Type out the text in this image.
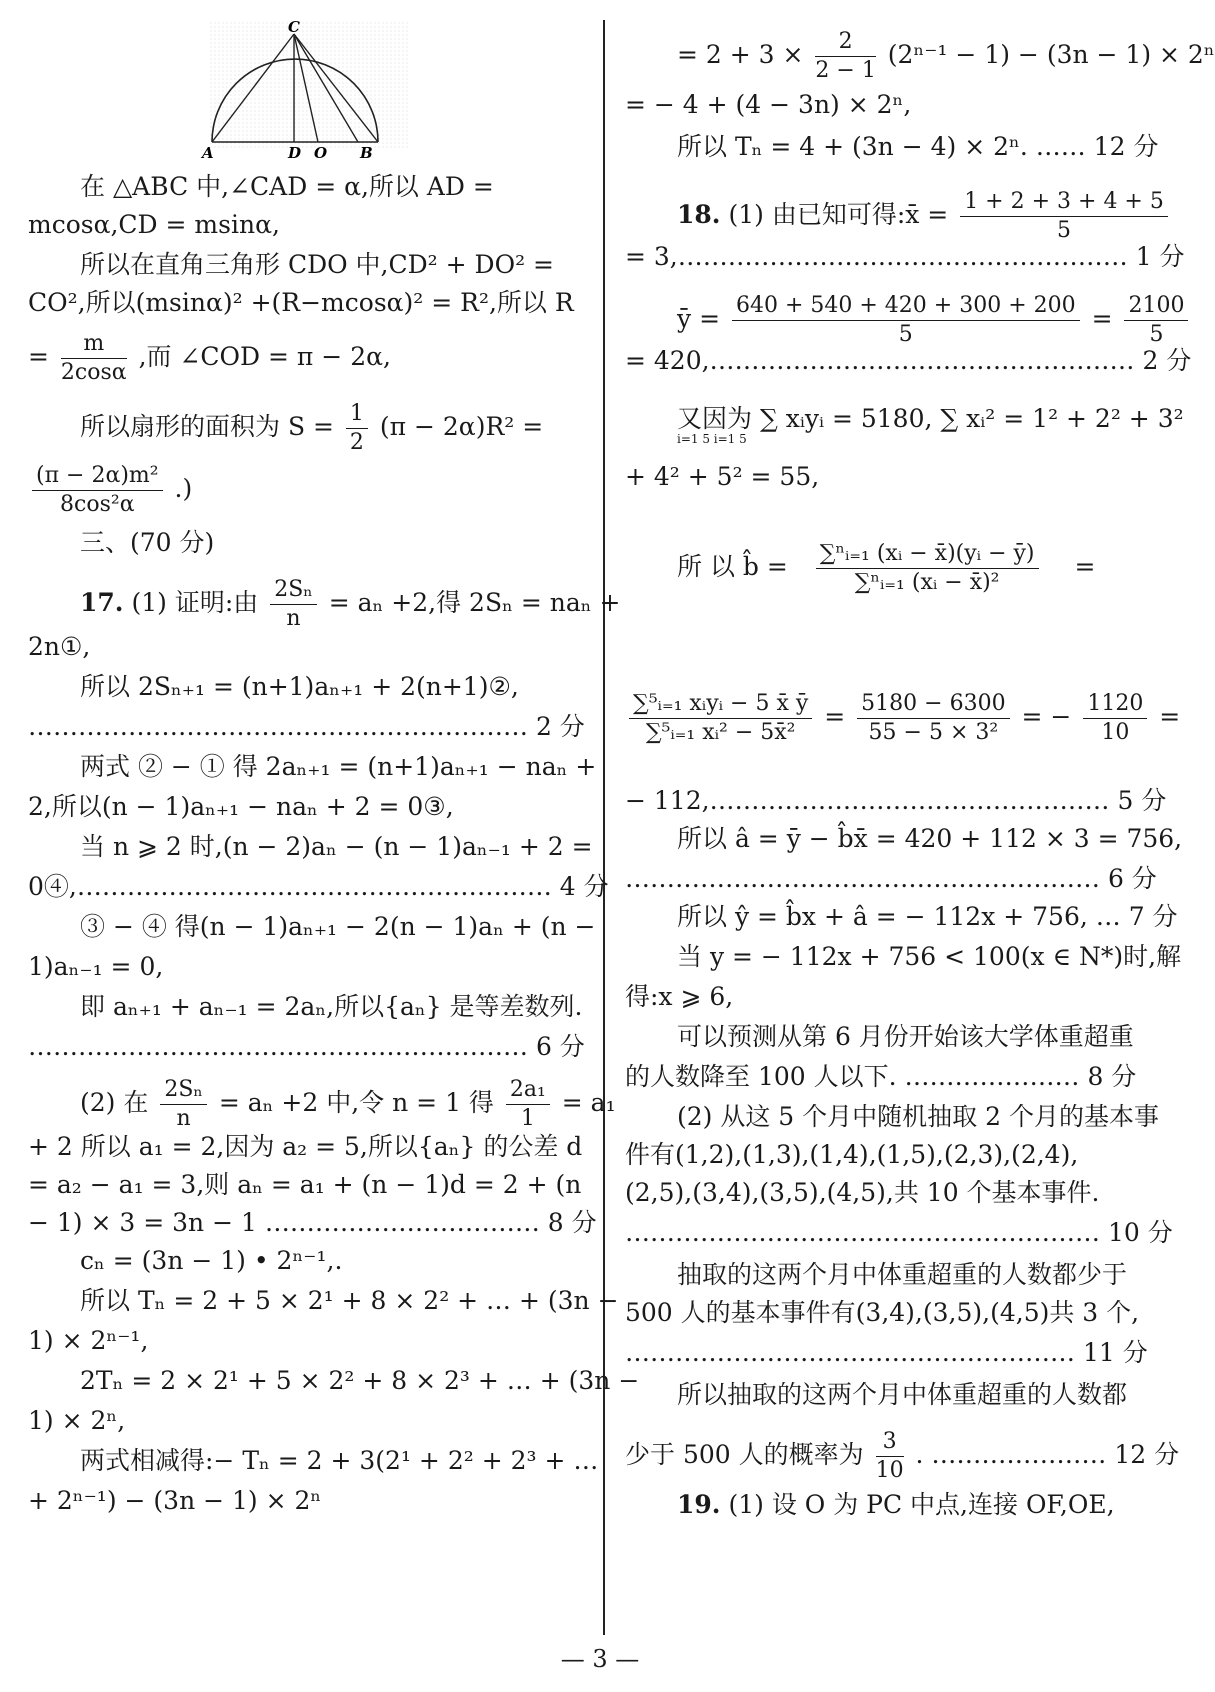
C
A	D O B
在 △ABC 中,∠CAD = α,所以 AD =
mcosα,CD = msinα,
所以在直角三角形 CDO 中,CD² + DO² =
CO²,所以(msinα)² +(R−mcosα)² = R²,所以 R
= $\frac{m}{2\cos\alpha}$ ,而 ∠COD = π − 2α,
所以扇形的面积为 $S = \frac{1}{2} (\pi - 2\alpha)R^2$ =
$\frac{\text{(π − 2α)m²}}{\text{8cos²α}}$ .)
三、(70 分)
17. (1) 证明:由 $\frac{\text{2Sₙ}}{n} = a_n +2$,得 2Sₙ = naₙ +
2n①,
所以 2Sₙ₊₁ = (n+1)aₙ₊₁ + 2(n+1)②,
…………………………………………………… 2 分
两式 ② − ① 得 2aₙ₊₁ = (n+1)aₙ₊₁ − naₙ +
2,所以(n − 1)aₙ₊₁ − naₙ + 2 = 0③,
当 n ⩾ 2 时,(n − 2)aₙ − (n − 1)aₙ₋₁ + 2 =
0④,………………………………………………… 4 分
③ − ④ 得(n − 1)aₙ₊₁ − 2(n − 1)aₙ + (n −
1)aₙ₋₁ = 0,
即 aₙ₊₁ + aₙ₋₁ = 2aₙ,所以{aₙ} 是等差数列.
…………………………………………………… 6 分
(2) 在 $\frac{\text{2Sₙ}}{n} = a_n +2$ 中,令 n = 1 得 $\frac{\text{2a₁}}{1} = a_1$
+ 2 所以 a₁ = 2,因为 a₂ = 5,所以{aₙ} 的公差 d
= a₂ − a₁ = 3,则 aₙ = a₁ + (n − 1)d = 2 + (n
− 1) × 3 = 3n − 1 …………………………… 8 分
cₙ = (3n − 1) • 2ⁿ⁻¹,.
所以 Tₙ = 2 + 5 × 2¹ + 8 × 2² + … + (3n −
1) × 2ⁿ⁻¹,
2Tₙ = 2 × 2¹ + 5 × 2² + 8 × 2³ + … + (3n −
1) × 2ⁿ,
两式相减得:− Tₙ = 2 + 3(2¹ + 2² + 2³ + …
+ 2ⁿ⁻¹) − (3n − 1) × 2ⁿ
= $2 + 3 \times \frac{2}{2 - 1} (2^{n-1} - 1) - (3n - 1) \times 2^n$
= − 4 + (4 − 3n) × 2ⁿ,
所以 Tₙ = 4 + (3n − 4) × 2ⁿ. …… 12 分
18. (1) 由已知可得:x̄ = $\frac{1 + 2 + 3 + 4 + 5}{5}$
= 3,……………………………………………… 1 分
ȳ = $\frac{640 + 540 + 420 + 300 + 200}{5} = \frac{2100}{5}$
= 420,…………………………………………… 2 分
又因为 ∑ xᵢyᵢ = 5180, ∑ xᵢ² = 1² + 2² + 3²
i=1 5 i=1 5
+ 4² + 5² = 55,
所 以 b̂ = $\frac{\text{∑ⁿᵢ₌₁ (xᵢ − x̄)(yᵢ − ȳ)}}{\text{∑ⁿᵢ₌₁ (xᵢ − x̄)²}}$ =
$\frac{\text{∑⁵ᵢ₌₁ xᵢyᵢ − 5 x̄ ȳ}}{\text{∑⁵ᵢ₌₁ xᵢ² − 5x̄²}} = \frac{5180 - 6300}{\text{55 − 5 × 3²}}$ = − $\frac{1120}{10}$ =
− 112,………………………………………… 5 分
所以 â = ȳ − b̂x̄ = 420 + 112 × 3 = 756,
………………………………………………… 6 分
所以 ŷ = b̂x + â = − 112x + 756, … 7 分
当 y = − 112x + 756 < 100(x ∈ N*)时,解
得:x ⩾ 6,
可以预测从第 6 月份开始该大学体重超重
的人数降至 100 人以下. ………………… 8 分
(2) 从这 5 个月中随机抽取 2 个月的基本事
件有(1,2),(1,3),(1,4),(1,5),(2,3),(2,4),
(2,5),(3,4),(3,5),(4,5),共 10 个基本事件.
………………………………………………… 10 分
抽取的这两个月中体重超重的人数都少于
500 人的基本事件有(3,4),(3,5),(4,5)共 3 个,
……………………………………………… 11 分
所以抽取的这两个月中体重超重的人数都
少于 500 人的概率为 $\frac{3}{10}$ . ………………… 12 分
19. (1) 设 O 为 PC 中点,连接 OF,OE,
— 3 —
